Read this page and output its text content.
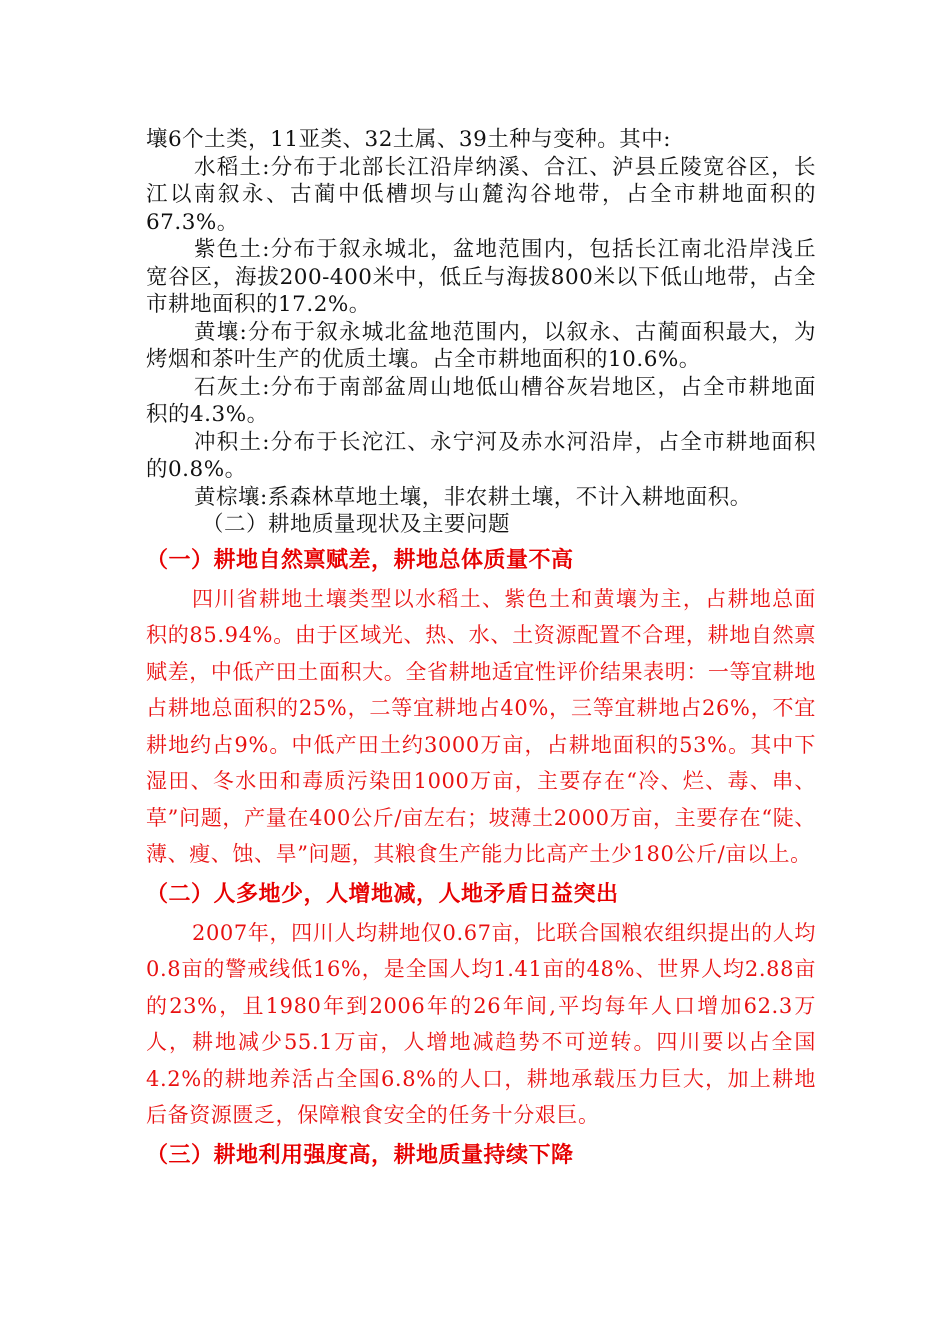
壤6个土类，11亚类、32土属、39土种与变种。其中:

水稻土:分布于北部长江沿岸纳溪、合江、泸县丘陵宽谷区，长江以南叙永、古蔺中低槽坝与山麓沟谷地带，占全市耕地面积的67.3%。

紫色土:分布于叙永城北，盆地范围内，包括长江南北沿岸浅丘宽谷区，海拔200-400米中，低丘与海拔800米以下低山地带，占全市耕地面积的17.2%。

黄壤:分布于叙永城北盆地范围内，以叙永、古蔺面积最大，为烤烟和茶叶生产的优质土壤。占全市耕地面积的10.6%。

石灰土:分布于南部盆周山地低山槽谷灰岩地区，占全市耕地面积的4.3%。

冲积土:分布于长沱江、永宁河及赤水河沿岸，占全市耕地面积的0.8%。

黄棕壤:系森林草地土壤，非农耕土壤，不计入耕地面积。

（二）耕地质量现状及主要问题

（一）耕地自然禀赋差，耕地总体质量不高

四川省耕地土壤类型以水稻土、紫色土和黄壤为主，占耕地总面积的85.94%。由于区域光、热、水、土资源配置不合理，耕地自然禀赋差，中低产田土面积大。全省耕地适宜性评价结果表明：一等宜耕地占耕地总面积的25%，二等宜耕地占40%，三等宜耕地占26%，不宜耕地约占9%。中低产田土约3000万亩，占耕地面积的53%。其中下湿田、冬水田和毒质污染田1000万亩，主要存在“冷、烂、毒、串、草”问题，产量在400公斤/亩左右；坡薄土2000万亩，主要存在“陡、薄、瘦、蚀、旱”问题，其粮食生产能力比高产土少180公斤/亩以上。

（二）人多地少，人增地减，人地矛盾日益突出

2007年，四川人均耕地仅0.67亩，比联合国粮农组织提出的人均0.8亩的警戒线低16%，是全国人均1.41亩的48%、世界人均2.88亩的23%，且1980年到2006年的26年间,平均每年人口增加62.3万人，耕地减少55.1万亩，人增地减趋势不可逆转。四川要以占全国4.2%的耕地养活占全国6.8%的人口，耕地承载压力巨大，加上耕地后备资源匮乏，保障粮食安全的任务十分艰巨。

（三）耕地利用强度高，耕地质量持续下降
